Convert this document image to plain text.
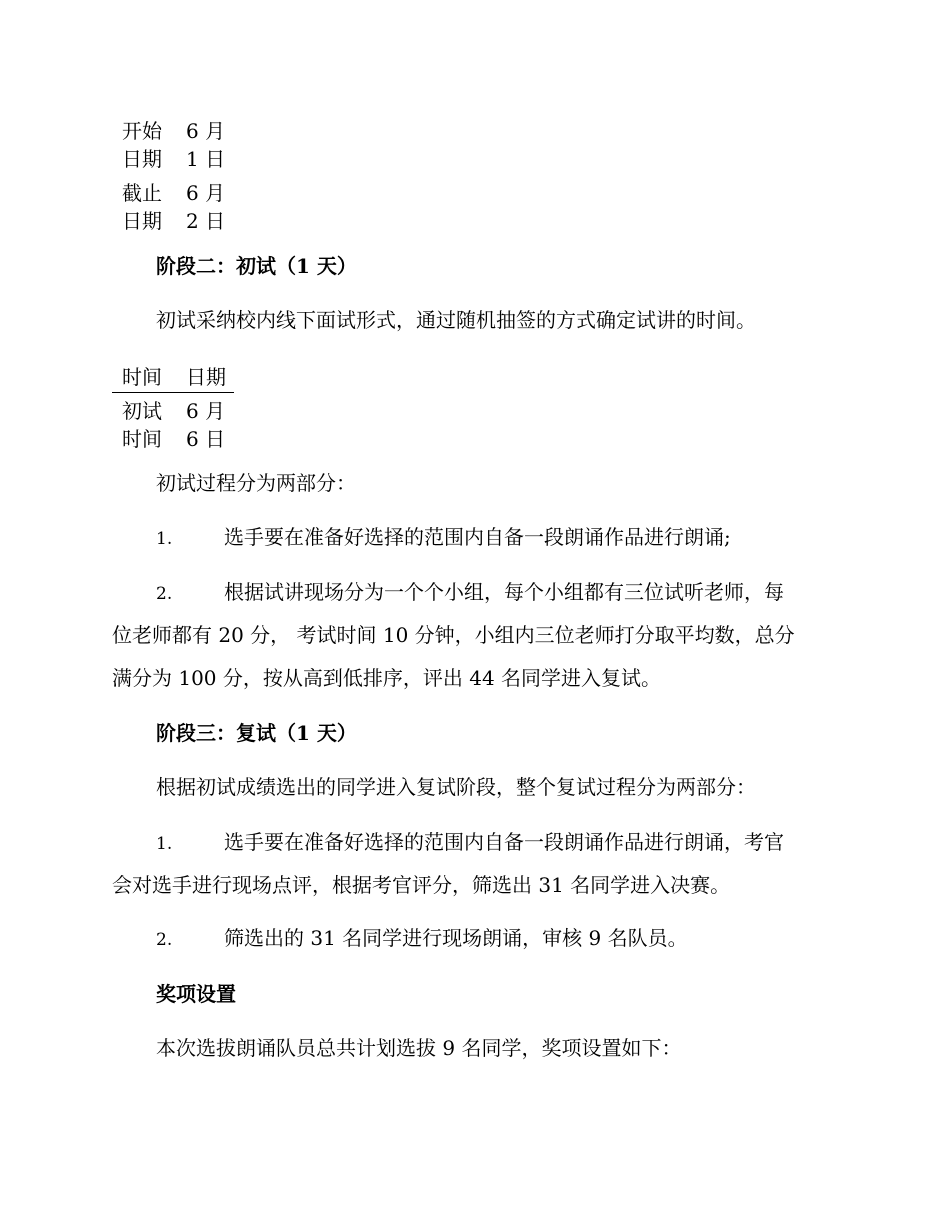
开始	6 月
日期	1 日
截止	6 月
日期	2 日
阶段二：初试（1 天）
初试采纳校内线下面试形式，通过随机抽签的方式确定试讲的时间。
时间	日期
初试	6 月
时间	6 日
初试过程分为两部分：
1.	选手要在准备好选择的范围内自备一段朗诵作品进行朗诵;
2.	根据试讲现场分为一个个小组，每个小组都有三位试听老师，每
位老师都有 20 分， 考试时间 10 分钟，小组内三位老师打分取平均数，总分
满分为 100 分，按从高到低排序，评出 44 名同学进入复试。
阶段三：复试（1 天）
根据初试成绩选出的同学进入复试阶段，整个复试过程分为两部分：
1.	选手要在准备好选择的范围内自备一段朗诵作品进行朗诵，考官
会对选手进行现场点评，根据考官评分，筛选出 31 名同学进入决赛。
2.	筛选出的 31 名同学进行现场朗诵，审核 9 名队员。
奖项设置
本次选拔朗诵队员总共计划选拔 9 名同学，奖项设置如下：
